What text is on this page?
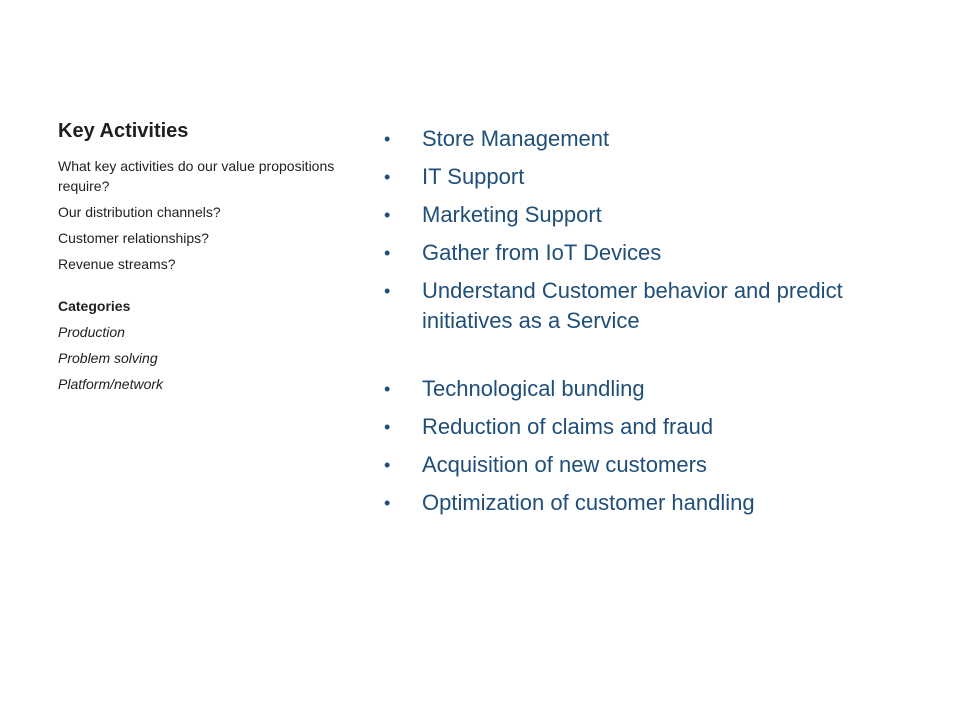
Key Activities
What key activities do our value propositions require?
Our distribution channels?
Customer relationships?
Revenue streams?
Categories
Production
Problem solving
Platform/network
• Store Management
• IT Support
• Marketing Support
• Gather from IoT Devices
• Understand Customer behavior and predict initiatives as a Service
• Technological bundling
• Reduction of claims and fraud
• Acquisition of new customers
• Optimization of customer handling
